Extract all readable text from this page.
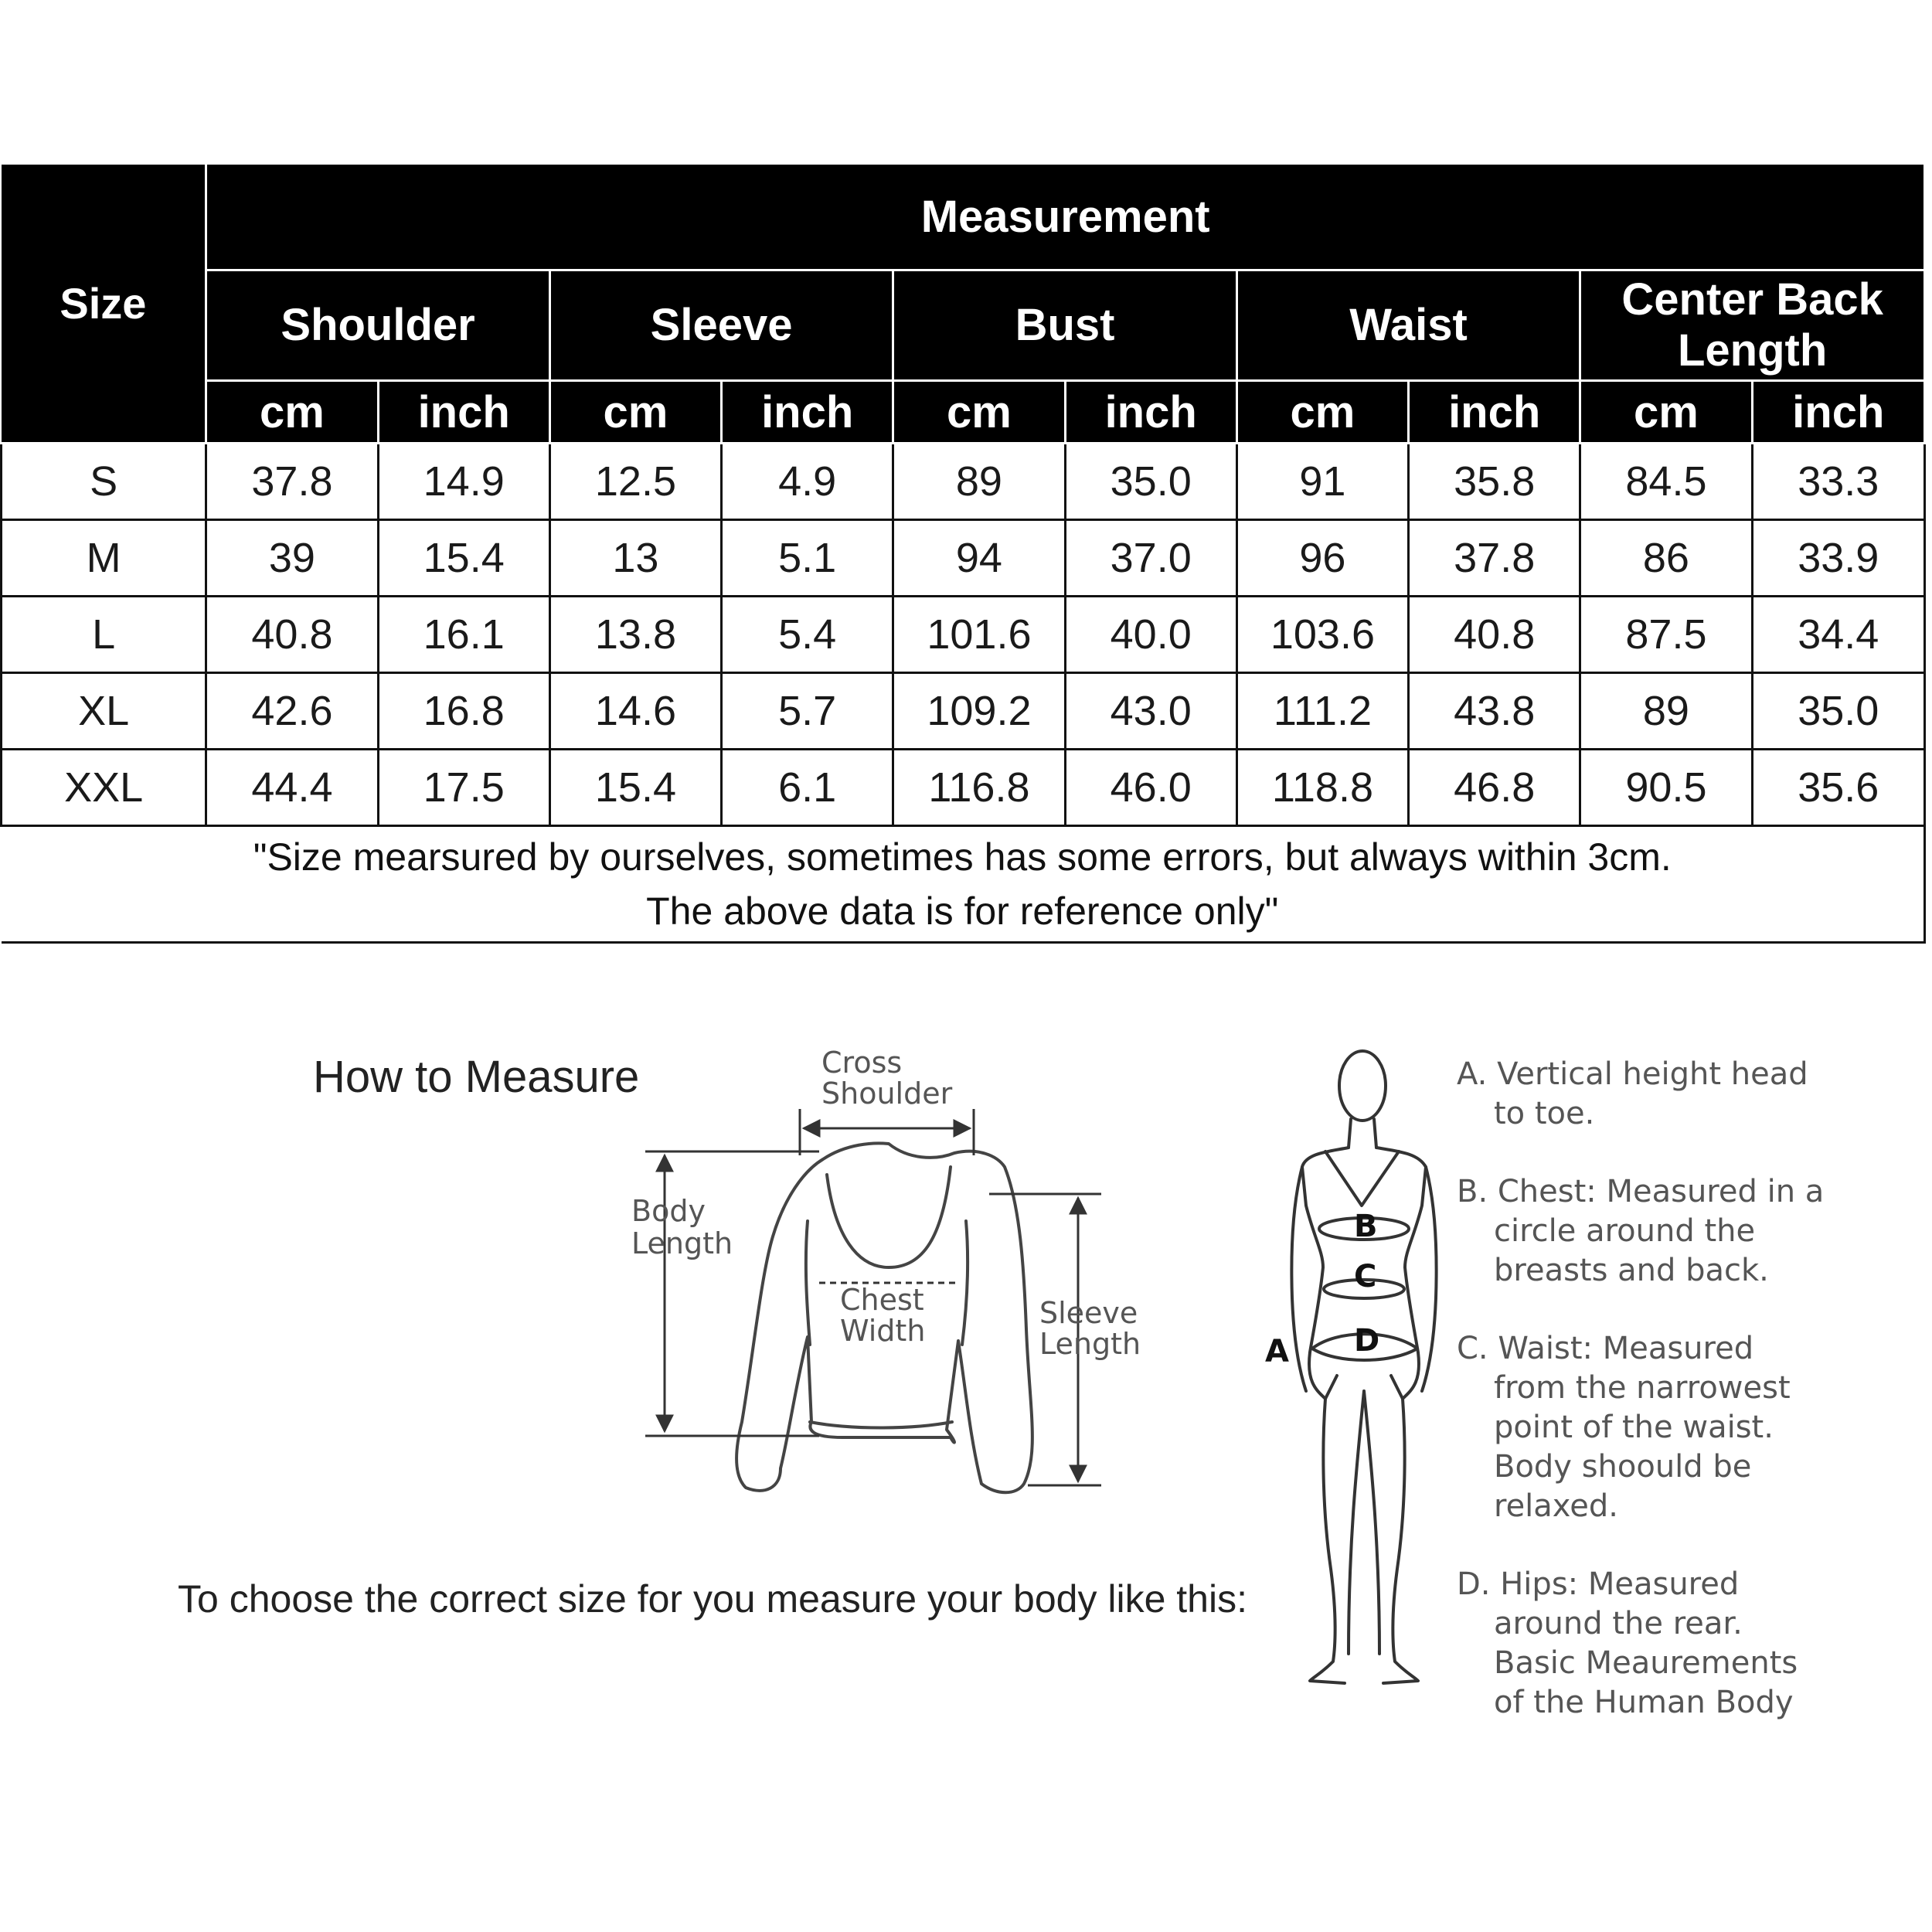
Size	Measurement									
	Shoulder		Sleeve		Bust		Waist		Center Back Length	
	cm	inch	cm	inch	cm	inch	cm	inch	cm	inch
S	37.8	14.9	12.5	4.9	89	35.0	91	35.8	84.5	33.3
M	39	15.4	13	5.1	94	37.0	96	37.8	86	33.9
L	40.8	16.1	13.8	5.4	101.6	40.0	103.6	40.8	87.5	34.4
XL	42.6	16.8	14.6	5.7	109.2	43.0	111.2	43.8	89	35.0
XXL	44.4	17.5	15.4	6.1	116.8	46.0	118.8	46.8	90.5	35.6

"Size mearsured by ourselves, sometimes has some errors, but always within 3cm.
The above data is for reference only"										
How to Measure
To choose the correct size for you measure your body like this:
Cross
Shoulder
Body
Length
Chest
Width
Sleeve
Length	A
B
C
D
A. Vertical height head to toe.
B. Chest: Measured in a circle around the breasts and back.
C. Waist: Measured from the narrowest point of the waist. Body shoould be relaxed.
D. Hips: Measured around the rear. Basic Meaurements of the Human Body
